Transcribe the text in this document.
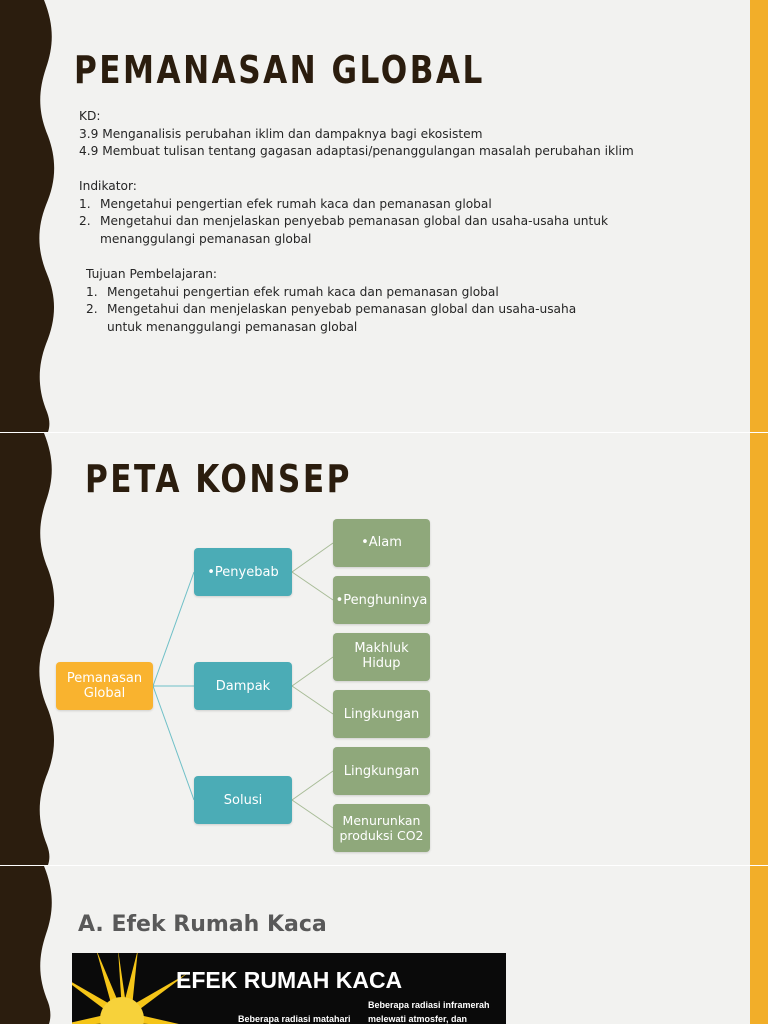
PEMANASAN GLOBAL

KD:

3.9 Menganalisis perubahan iklim dan dampaknya bagi ekosistem

4.9 Membuat tulisan tentang gagasan adaptasi/penanggulangan masalah perubahan iklim

Indikator:

1. Mengetahui pengertian efek rumah kaca dan pemanasan global
2. Mengetahui dan menjelaskan penyebab pemanasan global dan usaha-usaha untuk
menanggulangi pemanasan global

Tujuan Pembelajaran:

1. Mengetahui pengertian efek rumah kaca dan pemanasan global
2. Mengetahui dan menjelaskan penyebab pemanasan global dan usaha-usaha
untuk menanggulangi pemanasan global
PETA KONSEP
Pemanasan Global
•Penyebab
Dampak
Solusi
•Alam
•Penghuninya
Makhluk Hidup
Lingkungan
Lingkungan
Menurunkan produksi CO2
A. Efek Rumah Kaca

EFEK RUMAH KACA

Beberapa radiasi matahari
Beberapa radiasi inframerah
melewati atmosfer, dan
